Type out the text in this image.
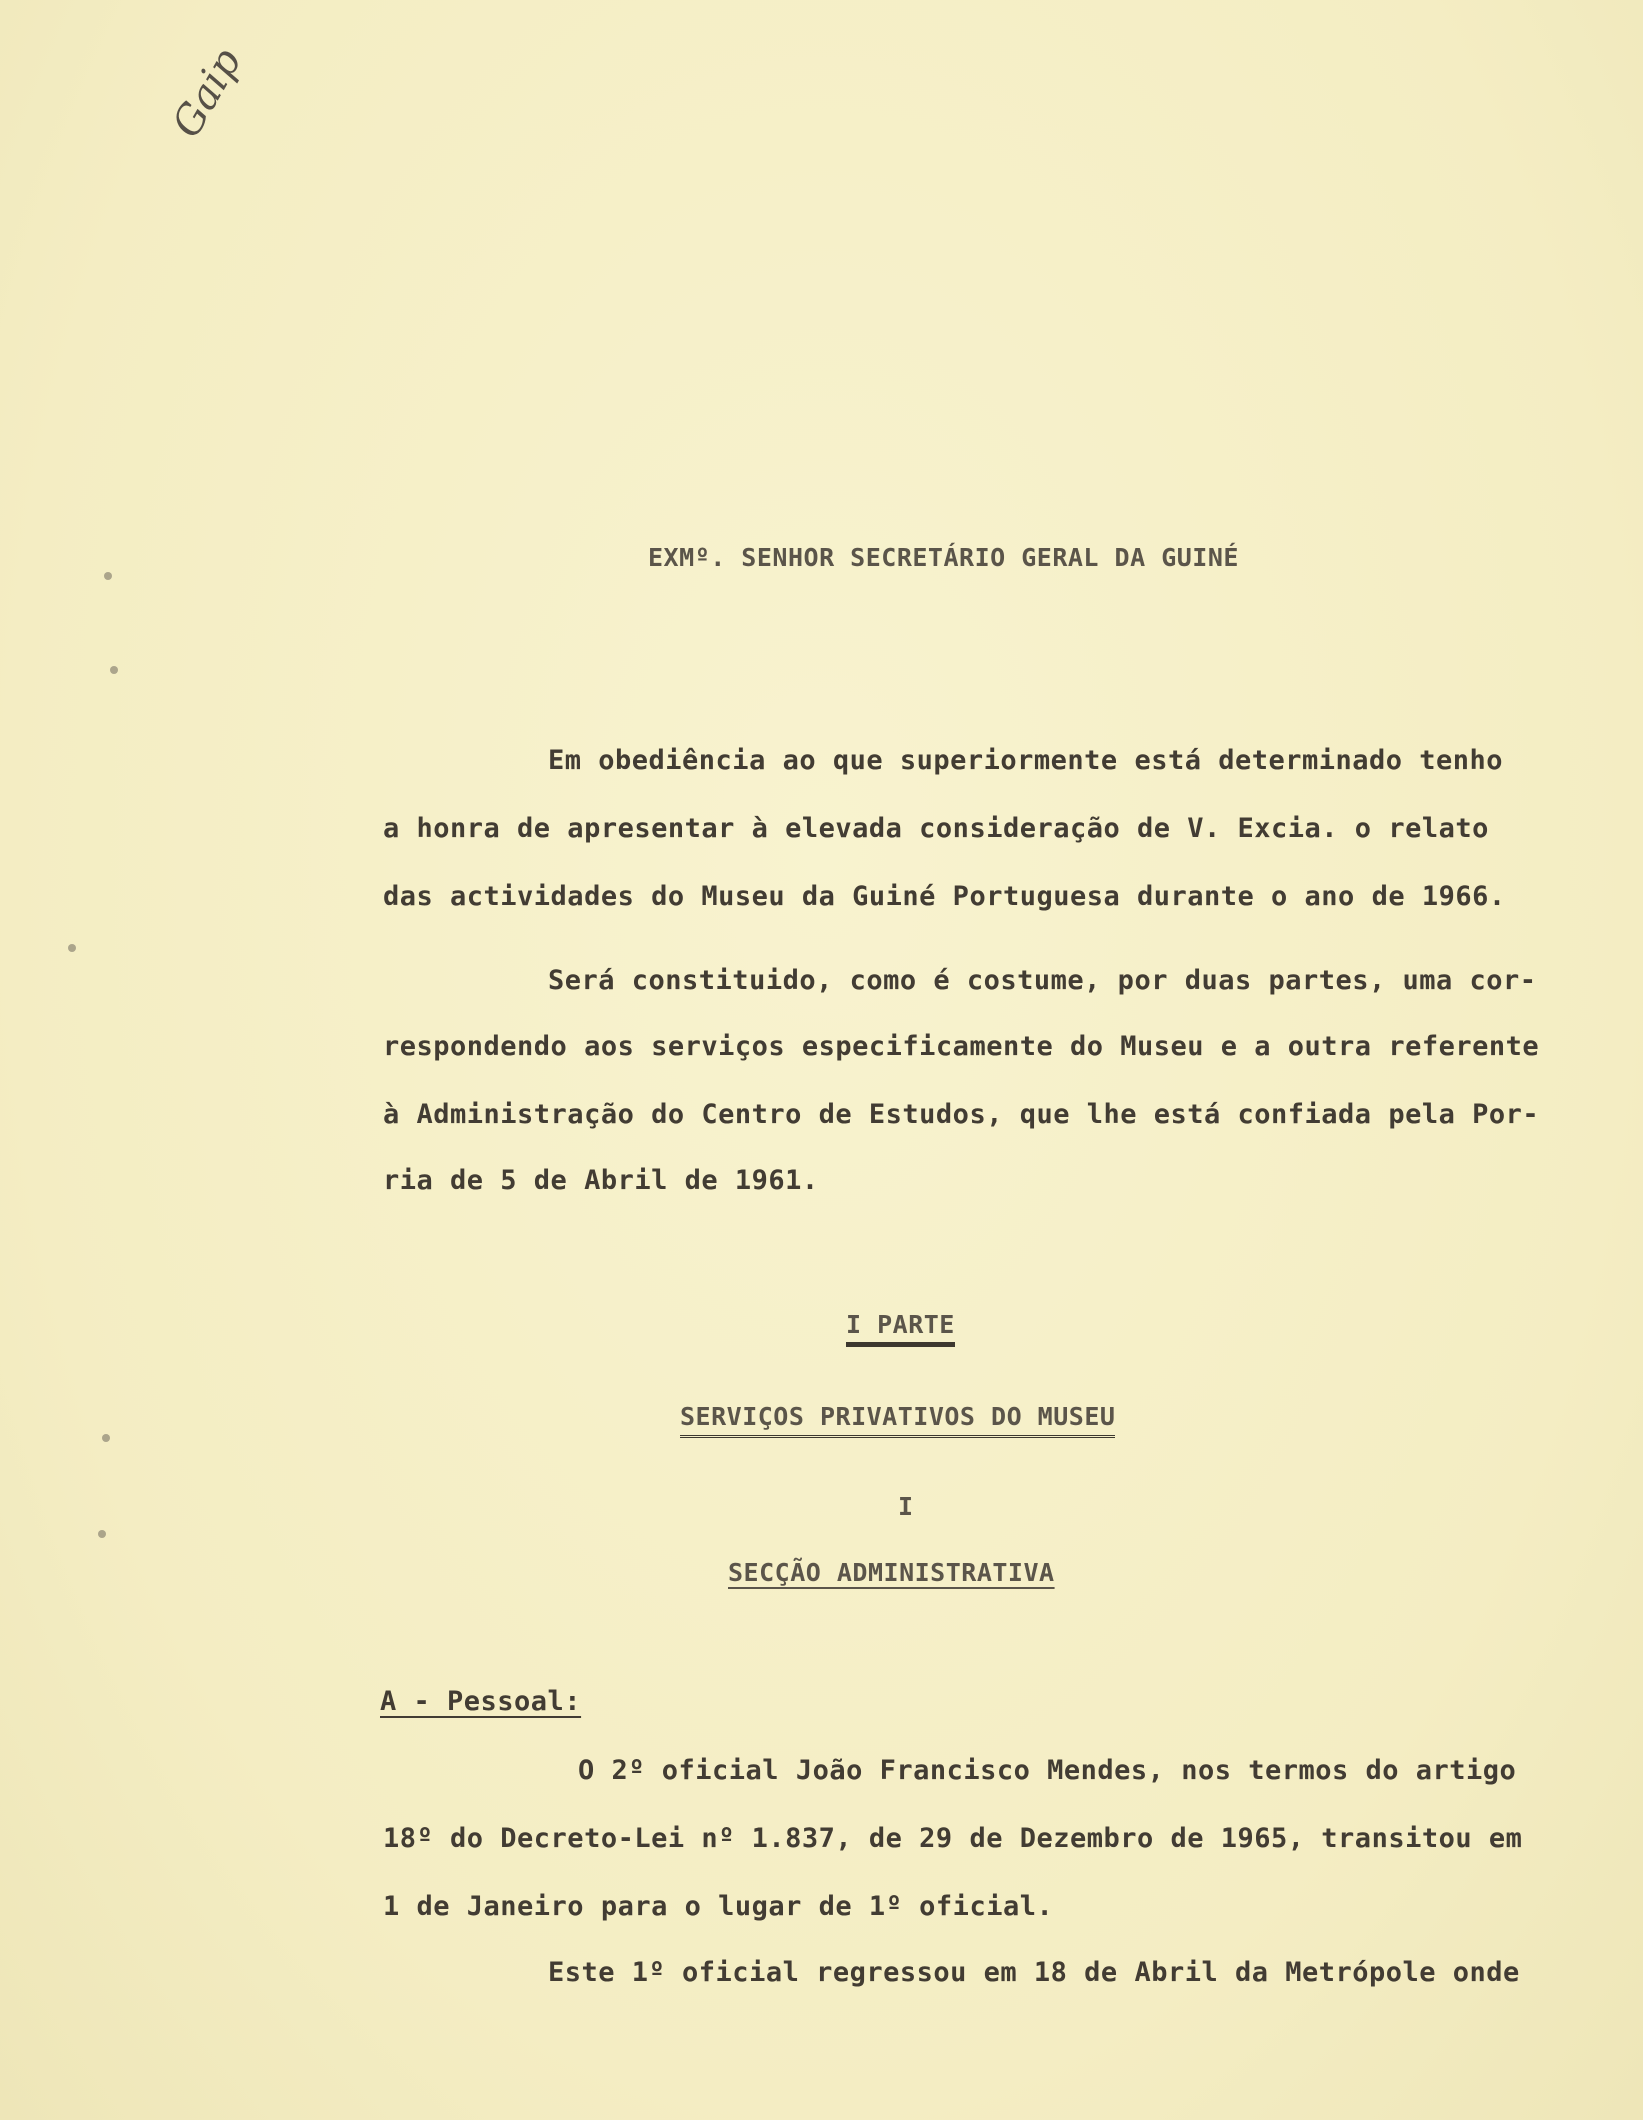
Gaip
EXMº. SENHOR SECRETÁRIO GERAL DA GUINÉ
Em obediência ao que superiormente está determinado tenho
a honra de apresentar à elevada consideração de V. Excia. o relato
das actividades do Museu da Guiné Portuguesa durante o ano de 1966.
Será constituido, como é costume, por duas partes, uma cor-
respondendo aos serviços especificamente do Museu e a outra referente
à Administração do Centro de Estudos, que lhe está confiada pela Por-
ria de 5 de Abril de 1961.
I PARTE
SERVIÇOS PRIVATIVOS DO MUSEU
I
SECÇÃO ADMINISTRATIVA
A - Pessoal:
O 2º oficial João Francisco Mendes, nos termos do artigo
18º do Decreto-Lei nº 1.837, de 29 de Dezembro de 1965, transitou em
1 de Janeiro para o lugar de 1º oficial.
Este 1º oficial regressou em 18 de Abril da Metrópole onde
